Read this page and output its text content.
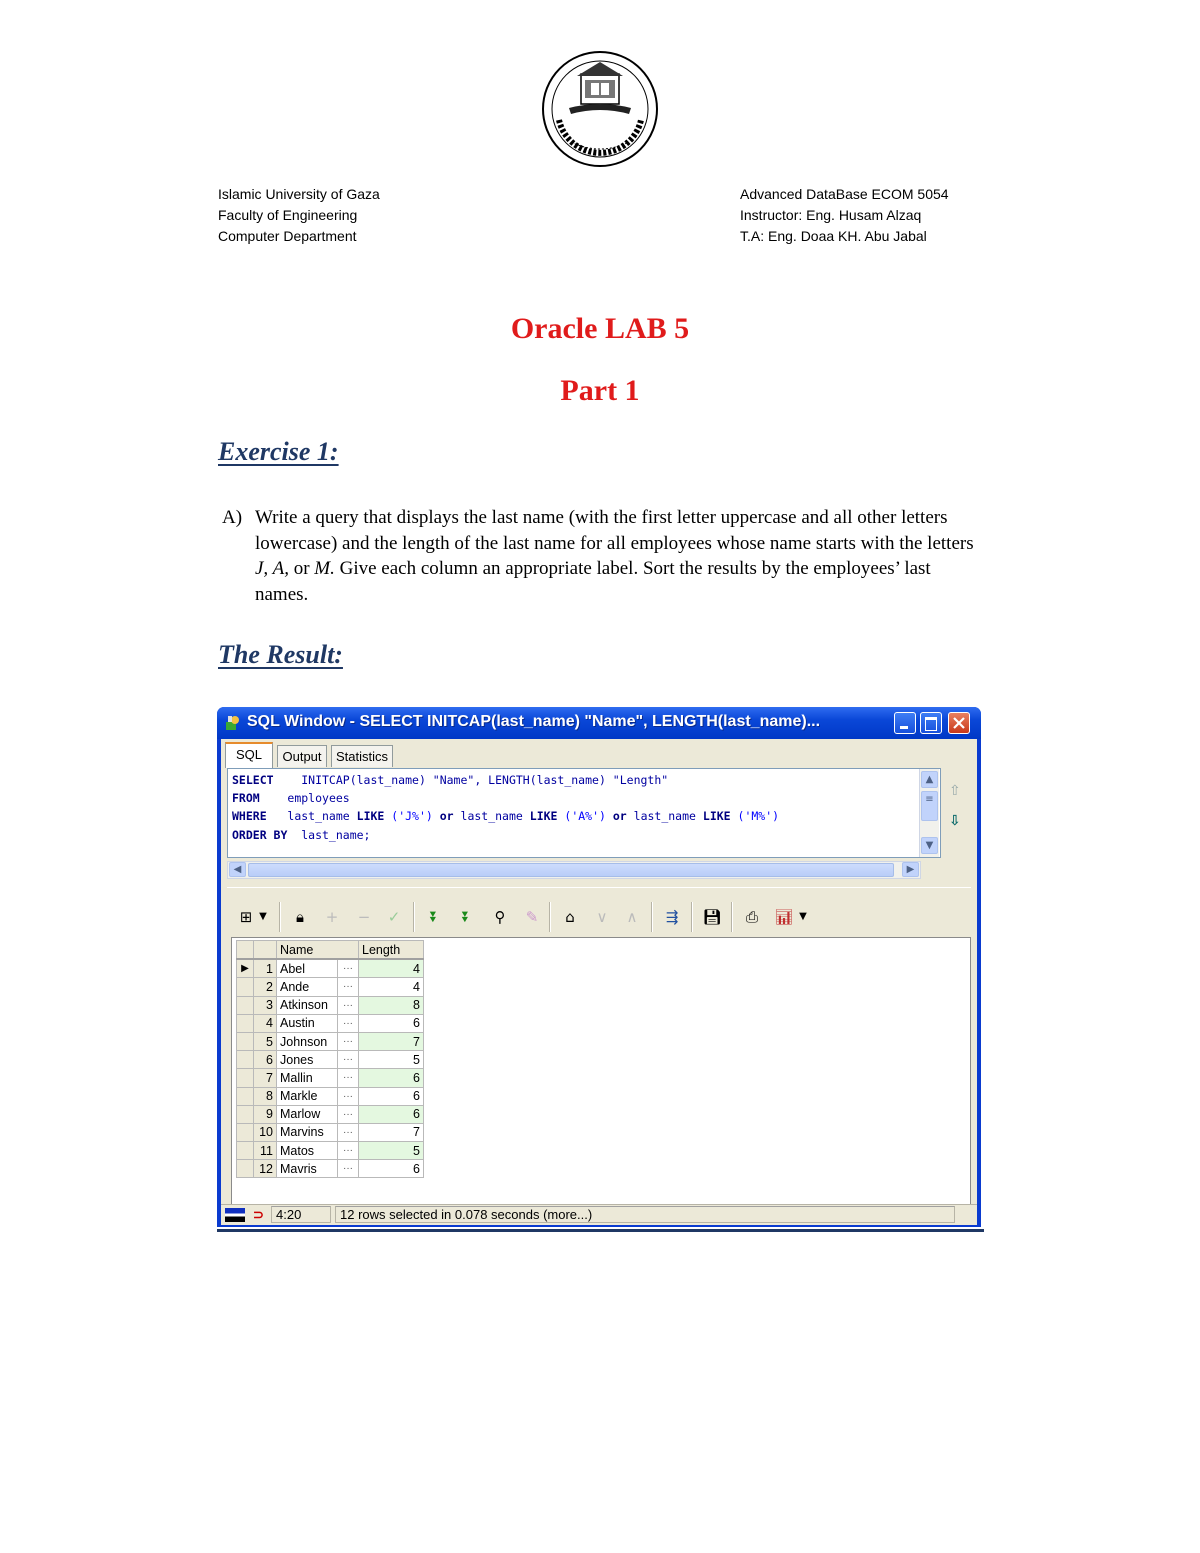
Islamic University of Gaza
Faculty of Engineering
Computer Department
Advanced DataBase ECOM 5054
Instructor: Eng. Husam Alzaq
T.A: Eng. Doaa KH. Abu Jabal
Oracle LAB 5
Part 1
Exercise 1:
A) Write a query that displays the last name (with the first letter uppercase and all other letters lowercase) and the length of the last name for all employees whose name starts with the letters J, A, or M. Give each column an appropriate label. Sort the results by the employees’ last names.
The Result:
SQL Window - SELECT INITCAP(last_name) "Name", LENGTH(last_name)...
SQL	Output	Statistics
SELECT    INITCAP(last_name) "Name", LENGTH(last_name) "Length"
FROM    employees
WHERE   last_name LIKE ('J%') or last_name LIKE ('A%') or last_name LIKE ('M%')
ORDER BY  last_name;
▲
≡
▼
◀	▶
⇧
⇩
⊞ ▼	🔒︎	+	−	✓	⏬︎	⏬︎	⚲	✎	⌂	∨	∧	⇶	💾︎	⎙	📊︎ ▼
		Name		Length
▶	1	Abel	···	4
	2	Ande	···	4
	3	Atkinson	···	8
	4	Austin	···	6
	5	Johnson	···	7
	6	Jones	···	5
	7	Mallin	···	6
	8	Markle	···	6
	9	Marlow	···	6
	10	Marvins	···	7
	11	Matos	···	5
	12	Mavris	···	6
⊃ 4:20	12 rows selected in 0.078 seconds (more...)
